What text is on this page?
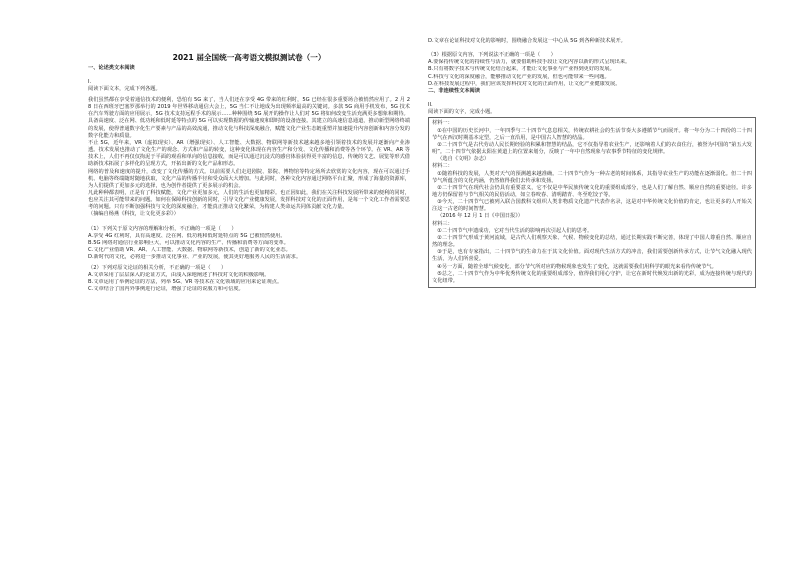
2021 届全国统一高考语文模拟测试卷（一）
一、论述类文本阅读
I.
阅读下面文本，完成下列各题。
我们虽然都在享受着通信技术的便利，恐怕有 5G 来了，当人们还在享受 4G 带来的红利时，5G 已经在很多重要场合被悄然应用了。2 月 28 日在西班牙巴塞罗那举行的 2019 年世界移动通信大会上，5G 当仁不让地成为出现频率最高的关键词。多款 5G 商用手机发布，5G 技术在汽车驾驶方面的应用展示，5G 技术支持远程手术的展示……种种围绕 5G 展开的操作让人们对 5G 将如何改变生活充满更多想象和期待。
具备高速度、泛在网、低功耗和低时延等特点的 5G 可以实现数据的传输速度和即时的设备连接。其建立的高速信息通道，推动新型网络终端的发展，使得普通数字化生产要素与产品的高效流通，推动文化与科技深度融合，赋能文化产业生态链重塑并加速提升内容创新和内容分发的数字化能力和质量。
不止 5G，近年来，VR（虚拟现实）、AR（增强现实）、人工智能、大数据、物联网等新技术越来越多地引领着技术的发展并逐渐向产业渗透。技术发展也推动了文化生产的观念、方式和产品的转变，这种变化体现在内容生产和分发、文化传播和消费等各个环节。在 VR、AR 等技术上，人们不再仅仅拘泥于平面的观看和单向的信息接收，而是可以通过沉浸式的感官体验获得更丰富的信息，传统的文艺、展览等形式借助新技术拓展了多样化的呈现方式，开拓出新的文化产品和形态。
网络的普及和速度的提升，改变了文化传播的方式。以前需要人们走进剧院、影院、博物馆等特定场所去欣赏的文化内容，现在可以通过手机、电脑等终端随时随地获取，文化产品的传播半径和受众面大大增加。与此同时，各种文化内容通过网络平台汇聚，形成了海量的资源库，为人们提供了更加多元的选择，也为创作者提供了更多展示的机会。
凡此种种都表明，正是有了科技赋能，文化产业更加多元，人们的生活也更加精彩。也正因如此，我们在关注科技发展所带来的便利的同时，也应关注其可能带来的问题。如何在保障科技创新的同时，引导文化产业健康发展，发挥科技对文化的正面作用，是每一个文化工作者需要思考的问题。只有不断加强科技与文化的深度融合，才能真正推动文化繁荣，为构建人类命运共同体贡献文化力量。
（摘编自杨燕《科技，让文化更多彩》）
（1）下列关于原文内容的理解和分析，不正确的一项是（　　）
A.享受 4G 红利时，具有高速度、泛在网、低功耗和低时延特点的 5G 已被悄然使用。
B.5G 网络对通信行业影响巨大，可以推动文化内容的生产、传播和消费等方面的变革。
C.文化产业借助 VR、AR、人工智能、大数据、物联网等新技术，创造了新的文化业态。
D.新时代的文化，必将进一步推动文化事业、产业的发展，使其更好地服务人民的生活需求。
（2）下列对原文论证的相关分析，不正确的一项是（　　）
A.文章采用了层层深入的论证方式，由浅入深地阐述了科技对文化的积极影响。
B.文章运用了举例论证的方法，列举 5G、VR 等技术在文化领域的应用来论证观点。
C.文章结合了国内外事例进行论证，增强了论证的说服力和可信度。
D.文章在论证科技对文化的影响时，围绕融合发展这一中心从 5G 到各种新技术展开。
（3）根据原文内容，下列说法不正确的一项是（　　）
A.要保持传统文化的持续性与活力，就要借助科技手段让文化内容以新的形式呈现出来。
B.只有将数字技术与传统文化结合起来，才能让文化事业与产业得到更好的发展。
C.科技与文化的深度融合，能够推动文化产业的发展，但也可能带来一些问题。
D.在科技发展过程中，我们应该发挥科技对文化的正面作用，让文化产业健康发展。
二、非连续性文本阅读
II.
阅读下面的文字，完成小题。
材料一：
①在中国的历史长河中，一年四季与二十四节气息息相关，传统农耕社会的生活节奏大多遵循节气而展开。将一年分为二十四份的二十四节气在西汉时期基本定型，之后一直沿用，是中国古人智慧的结晶。
②二十四节气是古代劳动人民长期经验的积累和智慧的结晶，它不仅指导着农业生产，还影响着人们的衣食住行，被誉为中国的“第五大发明”。二十四节气依据太阳在黄道上的位置来划分，反映了一年中自然现象与农事季节特征的变化规律。
（选自《文明》杂志）
材料二：
①随着科技的发展，人类对天气的预测越来越准确。二十四节气作为一种古老的时间体系，其指导农业生产的功能在逐渐弱化。但二十四节气所蕴含的文化内涵，仍然值得我们去传承和发扬。
②二十四节气在现代社会仍具有重要意义，它不仅是中华民族传统文化的重要组成部分，也是人们了解自然、顺应自然的重要途径。许多地方仍保留着与节气相关的民俗活动，如立春咬春、清明踏青、冬至吃饺子等。
③今天，二十四节气已被列入联合国教科文组织人类非物质文化遗产代表作名录，这是对中华传统文化价值的肯定，也让更多的人开始关注这一古老的时间智慧。
（2016 年 12 月 1 日《中国日报》）
材料三：
①二十四节气申遗成功，它对当代生活的影响再次引起人们的思考。
②二十四节气形成于黄河流域，是古代人们观察天象、气候、物候变化的总结，通过长期实践不断完善，体现了中国人尊重自然、顺应自然的理念。
③于是，也有专家指出，二十四节气的生命力在于其文化价值。面对现代生活方式的冲击，我们需要创新传承方式，让节气文化融入现代生活，为人们所喜爱。
④另一方面，随着全球气候变化，部分节气所对应的物候现象也发生了变化，这就需要我们用科学的眼光来看待传统节气。
⑤总之，二十四节气作为中华优秀传统文化的重要组成部分，值得我们用心守护，让它在新时代焕发出新的光彩，成为连接传统与现代的文化纽带。
